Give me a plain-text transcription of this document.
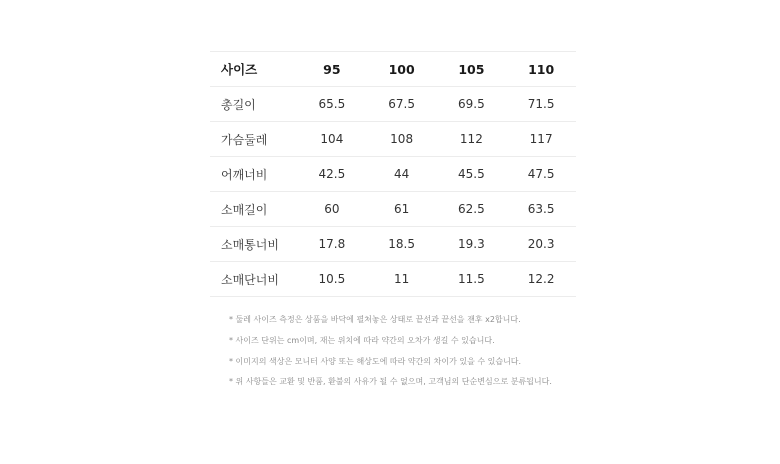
사이즈	95	100	105	110
총길이	65.5	67.5	69.5	71.5
가슴둘레	104	108	112	117
어깨너비	42.5	44	45.5	47.5
소매길이	60	61	62.5	63.5
소매통너비	17.8	18.5	19.3	20.3
소매단너비	10.5	11	11.5	12.2
* 둘레 사이즈 측정은 상품을 바닥에 펼쳐놓은 상태로 끝선과 끝선을 잰후 x2합니다.
* 사이즈 단위는 cm이며, 재는 위치에 따라 약간의 오차가 생길 수 있습니다.
* 이미지의 색상은 모니터 사양 또는 해상도에 따라 약간의 차이가 있을 수 있습니다.
* 위 사항들은 교환 및 반품, 환불의 사유가 될 수 없으며, 고객님의 단순변심으로 분류됩니다.
